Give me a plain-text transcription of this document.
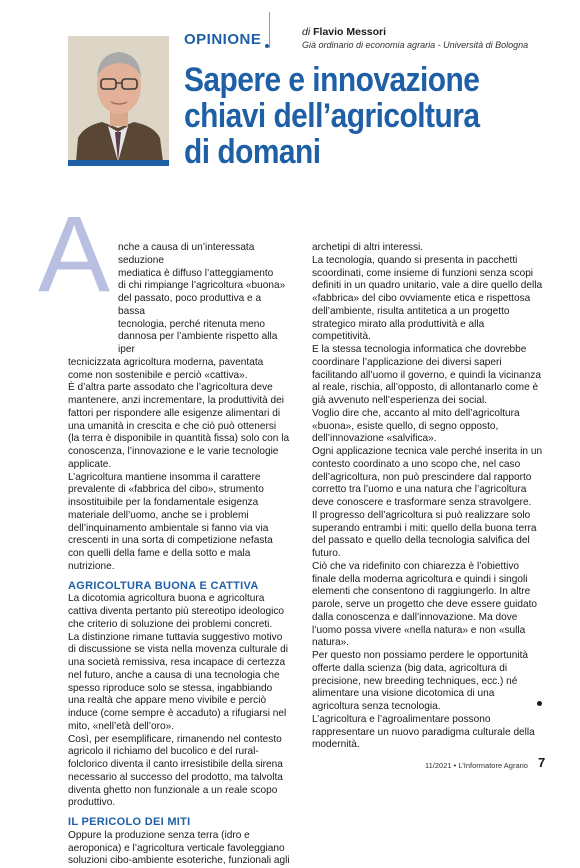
OPINIONE	di Flavio Messori
Già ordinario di economia agraria - Università di Bologna
Sapere e innovazione
chiavi dell’agricoltura
di domani
A nche a causa di un’interessata seduzione
mediatica è diffuso l’atteggiamento
di chi rimpiange l’agricoltura «buona»
del passato, poco produttiva e a bassa
tecnologia, perché ritenuta meno
dannosa per l’ambiente rispetto alla iper

tecnicizzata agricoltura moderna, paventata come non sostenibile e perciò «cattiva».

È d’altra parte assodato che l’agricoltura deve mantenere, anzi incrementare, la produttività dei fattori per rispondere alle esigenze alimentari di una umanità in crescita e che ciò può ottenersi (la terra è disponibile in quantità fissa) solo con la conoscenza, l’innovazione e le varie tecnologie applicate.

L’agricoltura mantiene insomma il carattere prevalente di «fabbrica del cibo», strumento insostituibile per la fondamentale esigenza materiale dell’uomo, anche se i problemi dell’inquinamento ambientale si fanno via via crescenti in una sorta di competizione nefasta con quelli della fame e della sotto e mala nutrizione.

AGRICOLTURA BUONA E CATTIVA

La dicotomia agricoltura buona e agricoltura cattiva diventa pertanto più stereotipo ideologico che criterio di soluzione dei problemi concreti.

La distinzione rimane tuttavia suggestivo motivo di discussione se vista nella movenza culturale di una società remissiva, resa incapace di certezza nel futuro, anche a causa di una tecnologia che spesso riproduce solo se stessa, ingabbiando una realtà che appare meno vivibile e perciò induce (come sempre è accaduto) a rifugiarsi nel mito, «nell’età dell’oro».

Così, per esemplificare, rimanendo nel contesto agricolo il richiamo del bucolico e del rural-folclorico diventa il canto irresistibile della sirena necessario al successo del prodotto, ma talvolta diventa ghetto non funzionale a un reale scopo produttivo.

IL PERICOLO DEI MITI

Oppure la produzione senza terra (idro e aeroponica) e l’agricoltura verticale favoleggiano soluzioni cibo-ambiente esoteriche, funzionali agli

archetipi di altri interessi.

La tecnologia, quando si presenta in pacchetti scoordinati, come insieme di funzioni senza scopi definiti in un quadro unitario, vale a dire quello della «fabbrica» del cibo ovviamente etica e rispettosa dell’ambiente, risulta antitetica a un progetto strategico mirato alla produttività e alla competitività.

E la stessa tecnologia informatica che dovrebbe coordinare l’applicazione dei diversi saperi facilitando all’uomo il governo, e quindi la vicinanza al reale, rischia, all’opposto, di allontanarlo come è già avvenuto nell’esperienza dei social.

Voglio dire che, accanto al mito dell’agricoltura «buona», esiste quello, di segno opposto, dell’innovazione «salvifica».

Ogni applicazione tecnica vale perché inserita in un contesto coordinato a uno scopo che, nel caso dell’agricoltura, non può prescindere dal rapporto corretto tra l’uomo e una natura che l’agricoltura deve conoscere e trasformare senza stravolgere.

Il progresso dell’agricoltura si può realizzare solo superando entrambi i miti: quello della buona terra del passato e quello della tecnologia salvifica del futuro.

Ciò che va ridefinito con chiarezza è l’obiettivo finale della moderna agricoltura e quindi i singoli elementi che consentono di raggiungerlo. In altre parole, serve un progetto che deve essere guidato dalla conoscenza e dall’innovazione. Ma dove l’uomo possa vivere «nella natura» e non «sulla natura».

Per questo non possiamo perdere le opportunità offerte dalla scienza (big data, agricoltura di precisione, new breeding techniques, ecc.) né alimentare una visione dicotomica di una agricoltura senza tecnologia.

L’agricoltura e l’agroalimentare possono rappresentare un nuovo paradigma culturale della modernità.

11/2021 • L’Informatore Agrario 7
